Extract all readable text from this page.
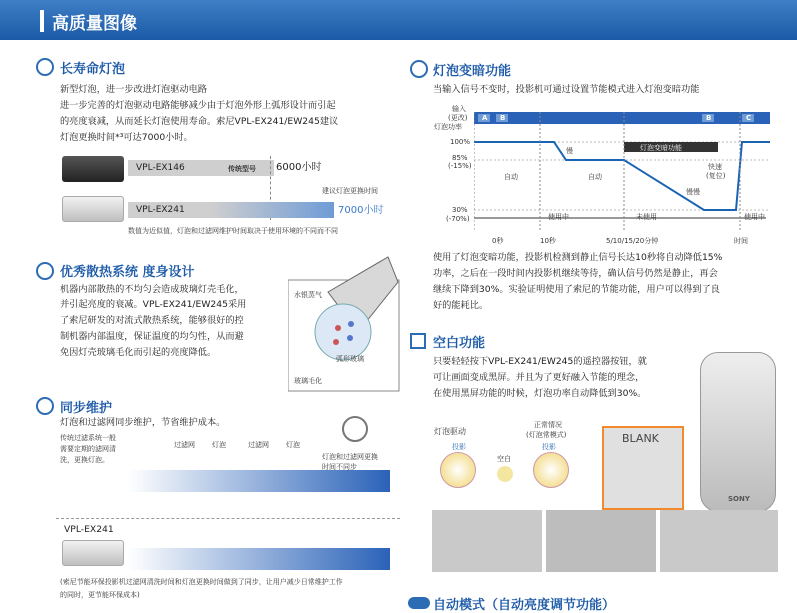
高质量图像
长寿命灯泡
新型灯泡，进一步改进灯泡驱动电路
进一步完善的灯泡驱动电路能够减少由于灯泡外形上弧形设计而引起
的亮度衰减，从而延长灯泡使用寿命。索尼VPL-EX241/EW245建议
灯泡更换时间*³可达7000小时。
VPL-EX146	传统型号 6000小时
建议灯泡更换时间
VPL-EX241	7000小时
数值为近似值，灯泡和过滤网维护时间取决于使用环境的不同而不同
优秀散热系统 度身设计
机器内部散热的不均匀会造成玻璃灯壳毛化，
并引起亮度的衰减。VPL-EX241/EW245采用
了索尼研发的对流式散热系统，能够很好的控
制机器内部温度，保证温度的均匀性，从而避
免因灯壳玻璃毛化而引起的亮度降低。
水银蒸气
弧形玻璃
玻璃毛化
同步维护
灯泡和过滤网同步维护，节省维护成本。
传统过滤系统一般
需要定期的滤网清
洗，更换灯泡。
过滤网 灯泡	过滤网 灯泡
灯泡和过滤网更换
时间不同步
VPL-EX241
(索尼节能环保投影机过滤网清洗时间和灯泡更换时间做到了同步，让用户减少日常维护工作
的同时，更节能环保成本)
灯泡变暗功能
当输入信号不变时，投影机可通过设置节能模式进入灯泡变暗功能
输入
(更改)
灯泡功率
A B	B	C
100%
85%
(-15%)
30%
(-70%)
慢
自动	自动
灯泡变暗功能
快速
(复位)
慢慢
使用中	未使用	使用中
0秒	10秒	5/10/15/20分钟	时间
使用了灯泡变暗功能，投影机检测到静止信号长达10秒将自动降低15%
功率，之后在一段时间内投影机继续等待，确认信号仍然是静止，再会
继续下降到30%。实验证明使用了索尼的节能功能，用户可以得到了良
好的能耗比。
空白功能
只要轻轻按下VPL-EX241/EW245的遥控器按钮，就
可让画面变成黑屏。并且为了更好融入节能的理念，
在使用黑屏功能的时候，灯泡功率自动降低到30%。
SONY
灯泡驱动
投影
空白
投影
正常情况
(灯泡常模式)	BLANK
自动模式（自动亮度调节功能）
